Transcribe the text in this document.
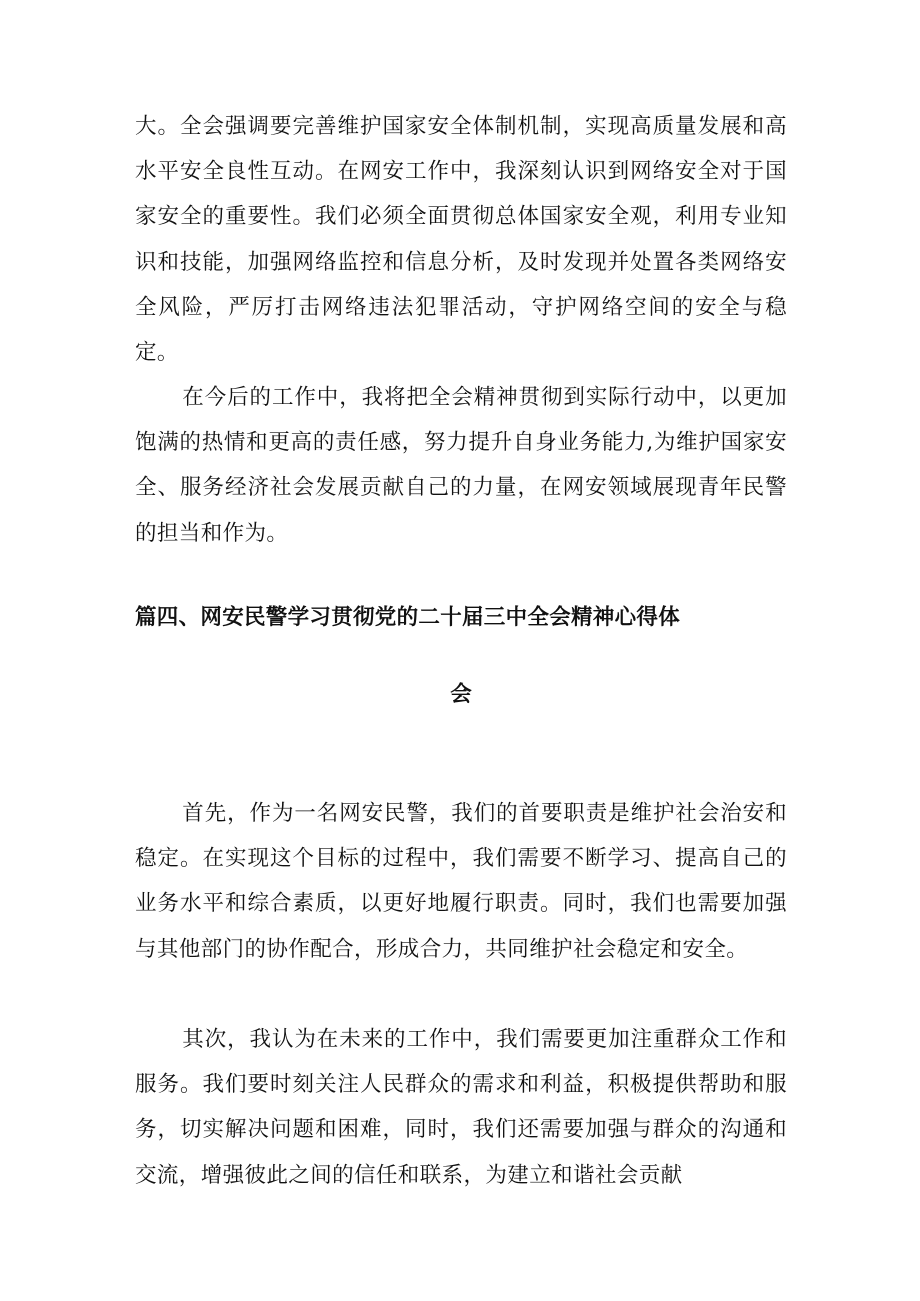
大。全会强调要完善维护国家安全体制机制，实现高质量发展和高水平安全良性互动。在网安工作中，我深刻认识到网络安全对于国家安全的重要性。我们必须全面贯彻总体国家安全观，利用专业知识和技能，加强网络监控和信息分析，及时发现并处置各类网络安全风险，严厉打击网络违法犯罪活动，守护网络空间的安全与稳定。

在今后的工作中，我将把全会精神贯彻到实际行动中，以更加饱满的热情和更高的责任感，努力提升自身业务能力,为维护国家安全、服务经济社会发展贡献自己的力量，在网安领域展现青年民警的担当和作为。

篇四、网安民警学习贯彻党的二十届三中全会精神心得体
会

首先，作为一名网安民警，我们的首要职责是维护社会治安和稳定。在实现这个目标的过程中，我们需要不断学习、提高自己的业务水平和综合素质，以更好地履行职责。同时，我们也需要加强与其他部门的协作配合，形成合力，共同维护社会稳定和安全。

其次，我认为在未来的工作中，我们需要更加注重群众工作和服务。我们要时刻关注人民群众的需求和利益，积极提供帮助和服务，切实解决问题和困难，同时，我们还需要加强与群众的沟通和交流，增强彼此之间的信任和联系，为建立和谐社会贡献
